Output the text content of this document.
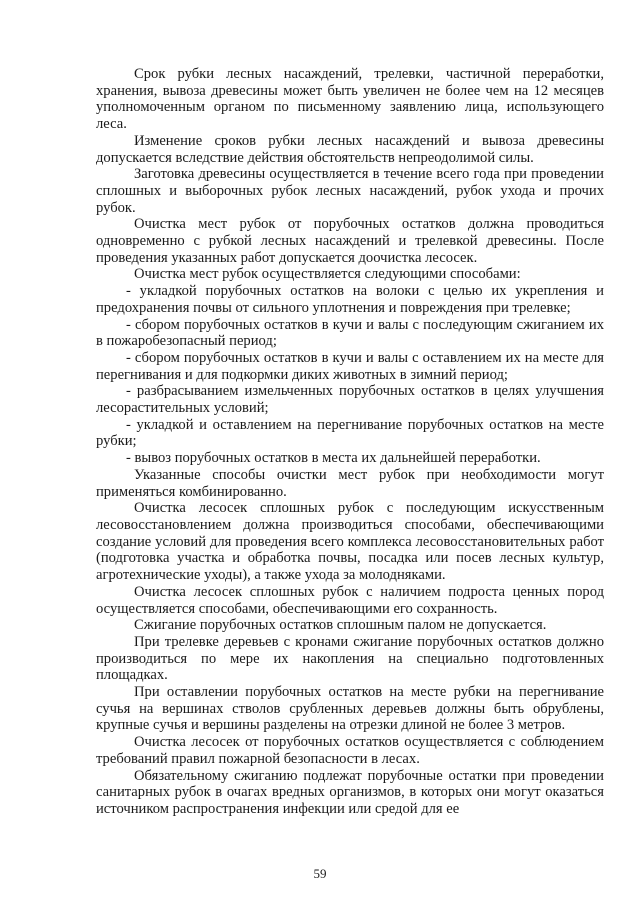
Срок рубки лесных насаждений, трелевки, частичной переработки, хранения, вывоза древесины может быть увеличен не более чем на 12 месяцев уполномоченным органом по письменному заявлению лица, использующего леса.

Изменение сроков рубки лесных насаждений и вывоза древесины допускается вследствие действия обстоятельств непреодолимой силы.

Заготовка древесины осуществляется в течение всего года при проведении сплошных и выборочных рубок лесных насаждений, рубок ухода и прочих рубок.

Очистка мест рубок от порубочных остатков должна проводиться одновременно с рубкой лесных насаждений и трелевкой древесины. После проведения указанных работ допускается доочистка лесосек.

Очистка мест рубок осуществляется следующими способами:

- укладкой порубочных остатков на волоки с целью их укрепления и предохранения почвы от сильного уплотнения и повреждения при трелевке;

- сбором порубочных остатков в кучи и валы с последующим сжиганием их в пожаробезопасный период;

- сбором порубочных остатков в кучи и валы с оставлением их на месте для перегнивания и для подкормки диких животных в зимний период;

- разбрасыванием измельченных порубочных остатков в целях улучшения лесорастительных условий;

- укладкой и оставлением на перегнивание порубочных остатков на месте рубки;

- вывоз порубочных остатков в места их дальнейшей переработки.

Указанные способы очистки мест рубок при необходимости могут применяться комбинированно.

Очистка лесосек сплошных рубок с последующим искусственным лесовосстановлением должна производиться способами, обеспечивающими создание условий для проведения всего комплекса лесовосстановительных работ (подготовка участка и обработка почвы, посадка или посев лесных культур, агротехнические уходы), а также ухода за молодняками.

Очистка лесосек сплошных рубок с наличием подроста ценных пород осуществляется способами, обеспечивающими его сохранность.

Сжигание порубочных остатков сплошным палом не допускается.

При трелевке деревьев с кронами сжигание порубочных остатков должно производиться по мере их накопления на специально подготовленных площадках.

При оставлении порубочных остатков на месте рубки на перегнивание сучья на вершинах стволов срубленных деревьев должны быть обрублены, крупные сучья и вершины разделены на отрезки длиной не более 3 метров.

Очистка лесосек от порубочных остатков осуществляется с соблюдением требований правил пожарной безопасности в лесах.

Обязательному сжиганию подлежат порубочные остатки при проведении санитарных рубок в очагах вредных организмов, в которых они могут оказаться источником распространения инфекции или средой для ее

59
